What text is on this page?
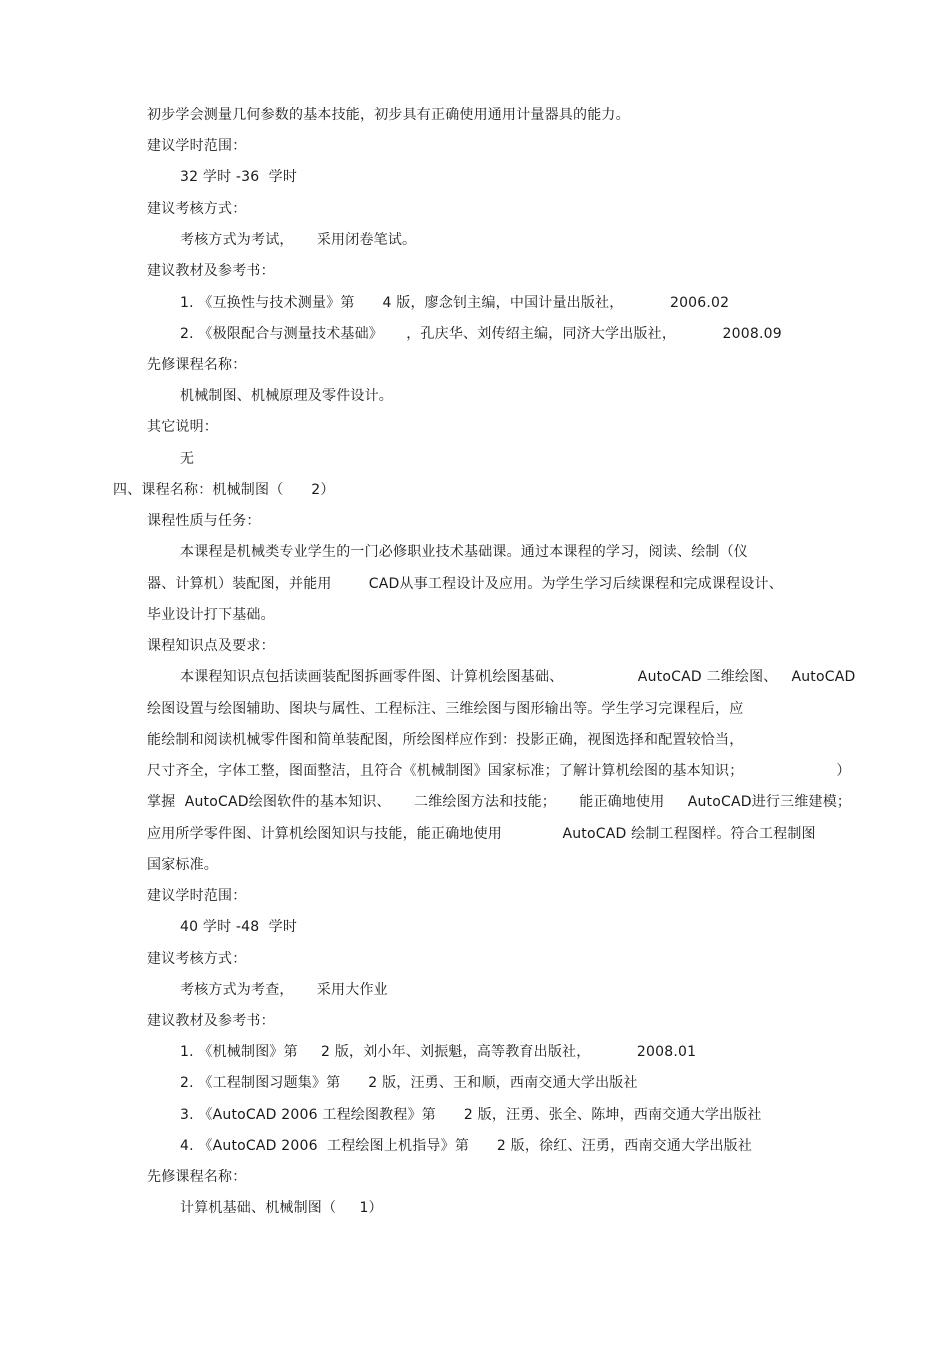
初步学会测量几何参数的基本技能，初步具有正确使用通用计量器具的能力。
建议学时范围：
32 学时 -36  学时
建议考核方式：
考核方式为考试，     采用闭卷笔试。
建议教材及参考书：
1. 《互换性与技术测量》第      4 版，廖念钊主编，中国计量出版社，          2006.02
2. 《极限配合与测量技术基础》     ，孔庆华、刘传绍主编，同济大学出版社，          2008.09
先修课程名称：
机械制图、机械原理及零件设计。
其它说明：
无
四、课程名称：机械制图（      2）
课程性质与任务：
本课程是机械类专业学生的一门必修职业技术基础课。通过本课程的学习，阅读、绘制（仪
器、计算机）装配图，并能用        CAD从事工程设计及应用。为学生学习后续课程和完成课程设计、
毕业设计打下基础。
课程知识点及要求：
本课程知识点包括读画装配图拆画零件图、计算机绘图基础、                AutoCAD 二维绘图、   AutoCAD
绘图设置与绘图辅助、图块与属性、工程标注、三维绘图与图形输出等。学生学习完课程后，应
能绘制和阅读机械零件图和简单装配图，所绘图样应作到：投影正确，视图选择和配置较恰当，
尺寸齐全，字体工整，图面整洁，且符合《机械制图》国家标准；了解计算机绘图的基本知识；                    ）
掌握  AutoCAD绘图软件的基本知识、     二维绘图方法和技能；     能正确地使用     AutoCAD进行三维建模；
应用所学零件图、计算机绘图知识与技能，能正确地使用             AutoCAD 绘制工程图样。符合工程制图
国家标准。
建议学时范围：
40 学时 -48  学时
建议考核方式：
考核方式为考查，     采用大作业
建议教材及参考书：
1. 《机械制图》第     2 版，刘小年、刘振魁，高等教育出版社，          2008.01
2. 《工程制图习题集》第      2 版，汪勇、王和顺，西南交通大学出版社
3. 《AutoCAD 2006 工程绘图教程》第      2 版，汪勇、张全、陈坤，西南交通大学出版社
4. 《AutoCAD 2006  工程绘图上机指导》第      2 版，徐红、汪勇，西南交通大学出版社
先修课程名称：
计算机基础、机械制图（     1）
